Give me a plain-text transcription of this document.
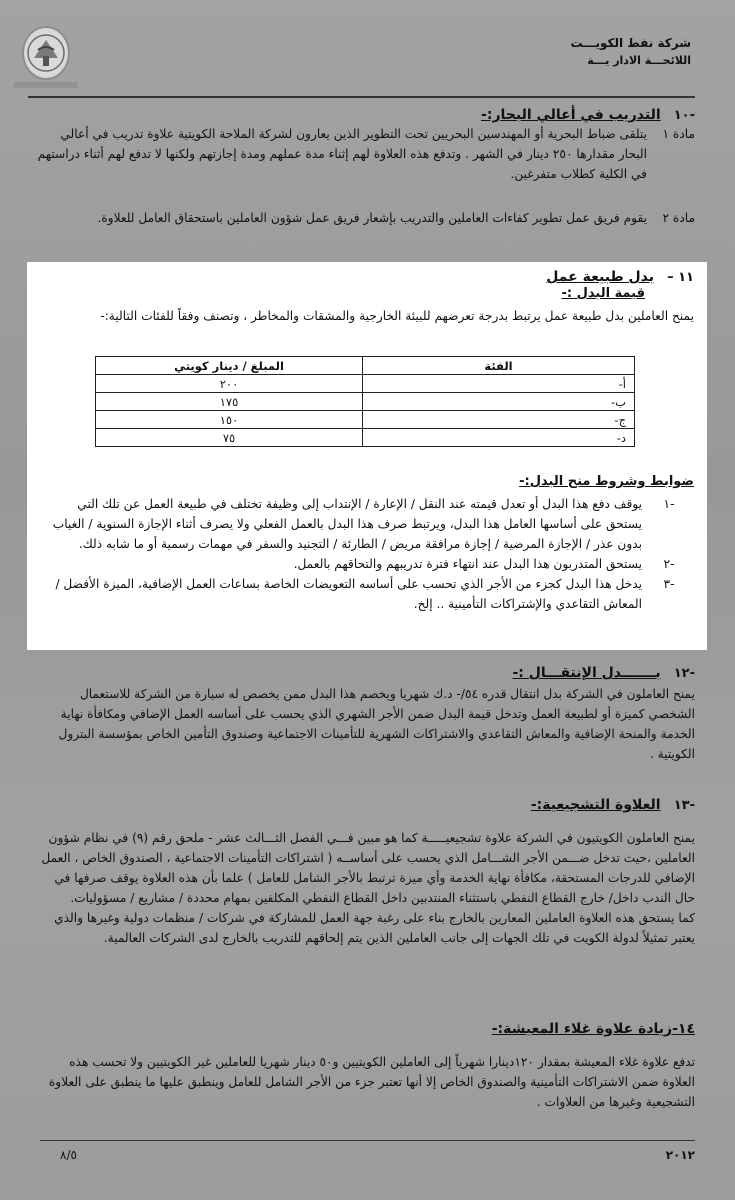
شركة نفط الكويـــت
اللائحـــة الادار يـــة
-١٠ التدريب في أعالي البحار:-
مادة ١
يتلقى ضباط البحرية أو المهندسين البحريين تحت التطوير الذين يعارون لشركة الملاحة الكويتية علاوة تدريب في أعالي البحار مقدارها ٢٥٠ دينار في الشهر . وتدفع هذه العلاوة لهم إثناء مدة عملهم ومدة إجازتهم ولكنها لا تدفع لهم أثناء دراستهم في الكلية كطلاب متفرغين.
مادة ٢
يقوم فريق عمل تطوير كفاءات العاملين والتدريب بإشعار فريق عمل شؤون العاملين باستحقاق العامل للعلاوة.
١١ – بدل طبيعة عمل
قيمة البدل :-
يمنح العاملين بدل طبيعة عمل يرتبط بدرجة تعرضهم للبيئة الخارجية والمشقات والمخاطر ، وتصنف وفقاً للفئات التالية:-
الفئة	المبلغ / دينار كويتي
أ-	٢٠٠
ب-	١٧٥
ج-	١٥٠
د-	٧٥
ضوابط وشروط منح البدل:-
-١
يوقف دفع هذا البدل أو تعدل قيمته عند النقل / الإعارة / الإنتداب إلى وظيفة تختلف في طبيعة العمل عن تلك التي يستحق على أساسها العامل هذا البدل، ويرتبط صرف هذا البدل بالعمل الفعلي ولا يصرف أثناء الإجازة السنوية / الغياب بدون عذر / الإجازة المرضية / إجازة مرافقة مريض / الطارئة / التجنيد والسفر في مهمات رسمية أو ما شابه ذلك.
-٢
يستحق المتدربون هذا البدل عند انتهاء فترة تدريبهم والتحاقهم بالعمل.
-٣
يدخل هذا البدل كجزء من الأجر الذي تحسب على أساسه التعويضات الخاصة بساعات العمل الإضافية، الميزة الأفضل / المعاش التقاعدي والإشتراكات التأمينية .. إلخ.
-١٢ بـــــــدل الإنتقـــال :-
يمنح العاملون في الشركة بدل انتقال قدره ٥٤/- د.ك شهريا ويخصم هذا البدل ممن يخصص له سيارة من الشركة للاستعمال الشخصي كميزة أو لطبيعة العمل وتدخل قيمة البدل ضمن الأجر الشهري الذي يحسب على أساسه العمل الإضافي ومكافأة نهاية الخدمة والمنحة الإضافية والمعاش التقاعدي والاشتراكات الشهرية للتأمينات الاجتماعية وصندوق التأمين الخاص بمؤسسة البترول الكويتية .
-١٣ العلاوة التشجيعية:-
يمنح العاملون الكويتيون في الشركة علاوة تشجيعيـــــة كما هو مبين فـــي الفصل الثـــالث عشر - ملحق رقم (٩) في نظام شؤون العاملين ،حيث تدخل ضـــمن الأجر الشـــامل الذي يحسب على أساســه ( اشتراكات التأمينات الاجتماعية ، الصندوق الخاص ، العمل الإضافي للدرجات المستحقة، مكافأة نهاية الخدمة وأي ميزة ترتبط بالأجر الشامل للعامل ) علما بأن هذه العلاوة يوقف صرفها في حال الندب داخل/ خارج القطاع النفطي باستثناء المنتدبين داخل القطاع النفطي المكلفين بمهام محددة / مشاريع / مسؤوليات.
كما يستحق هذه العلاوة العاملين المعارين بالخارج بناء على رغبة جهة العمل للمشاركة في شركات / منظمات دولية وغيرها والذي يعتبر تمثيلاً لدولة الكويت في تلك الجهات إلى جانب العاملين الذين يتم إلحاقهم للتدريب بالخارج لدى الشركات العالمية.
١٤-زيادة علاوة غلاء المعيشة:-
تدفع علاوة غلاء المعيشة بمقدار ١٢٠دينارا شهرياً إلى العاملين الكويتيين و٥٠ دينار شهريا للعاملين غير الكويتيين ولا تحسب هذه العلاوة ضمن الاشتراكات التأمينية والصندوق الخاص إلا أنها تعتبر جزء من الأجر الشامل للعامل وينطبق عليها ما ينطبق على العلاوة التشجيعية وغيرها من العلاوات .
٢٠١٢
٨/٥
